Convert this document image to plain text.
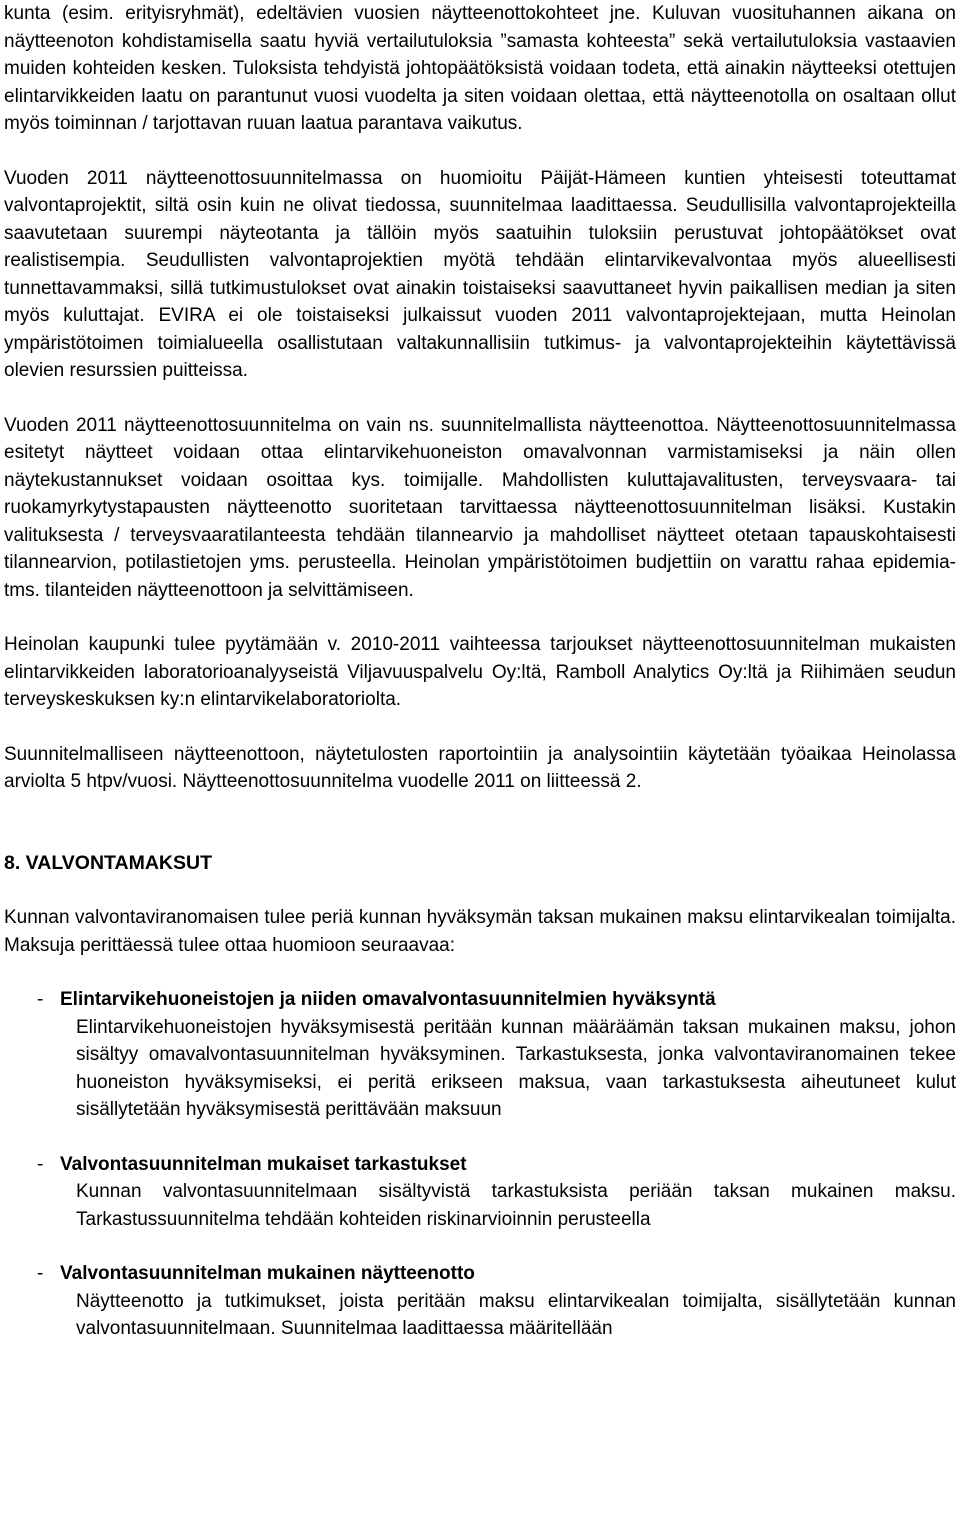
kunta (esim. erityisryhmät), edeltävien vuosien näytteenottokohteet jne. Kuluvan vuosituhannen aikana on näytteenoton kohdistamisella saatu hyviä vertailutuloksia ”samasta kohteesta” sekä vertailutuloksia vastaavien muiden kohteiden kesken. Tuloksista tehdyistä johtopäätöksistä voidaan todeta, että ainakin näytteeksi otettujen elintarvikkeiden laatu on parantunut vuosi vuodelta ja siten voidaan olettaa, että näytteenotolla on osaltaan ollut myös toiminnan / tarjottavan ruuan laatua parantava vaikutus.

Vuoden 2011 näytteenottosuunnitelmassa on huomioitu Päijät-Hämeen kuntien yhteisesti toteuttamat valvontaprojektit, siltä osin kuin ne olivat tiedossa, suunnitelmaa laadittaessa. Seudullisilla valvontaprojekteilla saavutetaan suurempi näyteotanta ja tällöin myös saatuihin tuloksiin perustuvat johtopäätökset ovat realistisempia. Seudullisten valvontaprojektien myötä tehdään elintarvikevalvontaa myös alueellisesti tunnettavammaksi, sillä tutkimustulokset ovat ainakin toistaiseksi saavuttaneet hyvin paikallisen median ja siten myös kuluttajat. EVIRA ei ole toistaiseksi julkaissut vuoden 2011 valvontaprojektejaan, mutta Heinolan ympäristötoimen toimialueella osallistutaan valtakunnallisiin tutkimus- ja valvontaprojekteihin käytettävissä olevien resurssien puitteissa.

Vuoden 2011 näytteenottosuunnitelma on vain ns. suunnitelmallista näytteenottoa. Näytteenottosuunnitelmassa esitetyt näytteet voidaan ottaa elintarvikehuoneiston omavalvonnan varmistamiseksi ja näin ollen näytekustannukset voidaan osoittaa kys. toimijalle. Mahdollisten kuluttajavalitusten, terveysvaara- tai ruokamyrkytystapausten näytteenotto suoritetaan tarvittaessa näytteenottosuunnitelman lisäksi. Kustakin valituksesta / terveysvaaratilanteesta tehdään tilannearvio ja mahdolliset näytteet otetaan tapauskohtaisesti tilannearvion, potilastietojen yms. perusteella. Heinolan ympäristötoimen budjettiin on varattu rahaa epidemia- tms. tilanteiden näytteenottoon ja selvittämiseen.

Heinolan kaupunki tulee pyytämään v. 2010-2011 vaihteessa tarjoukset näytteenottosuunnitelman mukaisten elintarvikkeiden laboratorioanalyyseistä Viljavuuspalvelu Oy:ltä, Ramboll Analytics Oy:ltä ja Riihimäen seudun terveyskeskuksen ky:n elintarvikelaboratoriolta.

Suunnitelmalliseen näytteenottoon, näytetulosten raportointiin ja analysointiin käytetään työaikaa Heinolassa arviolta 5 htpv/vuosi. Näytteenottosuunnitelma vuodelle 2011 on liitteessä 2.

8. VALVONTAMAKSUT

Kunnan valvontaviranomaisen tulee periä kunnan hyväksymän taksan mukainen maksu elintarvikealan toimijalta. Maksuja perittäessä tulee ottaa huomioon seuraavaa:

- Elintarvikehuoneistojen ja niiden omavalvontasuunnitelmien hyväksyntä

Elintarvikehuoneistojen hyväksymisestä peritään kunnan määräämän taksan mukainen maksu, johon sisältyy omavalvontasuunnitelman hyväksyminen. Tarkastuksesta, jonka valvontaviranomainen tekee huoneiston hyväksymiseksi, ei peritä erikseen maksua, vaan tarkastuksesta aiheutuneet kulut sisällytetään hyväksymisestä perittävään maksuun

- Valvontasuunnitelman mukaiset tarkastukset

Kunnan valvontasuunnitelmaan sisältyvistä tarkastuksista periään taksan mukainen maksu. Tarkastussuunnitelma tehdään kohteiden riskinarvioinnin perusteella

- Valvontasuunnitelman mukainen näytteenotto

Näytteenotto ja tutkimukset, joista peritään maksu elintarvikealan toimijalta, sisällytetään kunnan valvontasuunnitelmaan. Suunnitelmaa laadittaessa määritellään
